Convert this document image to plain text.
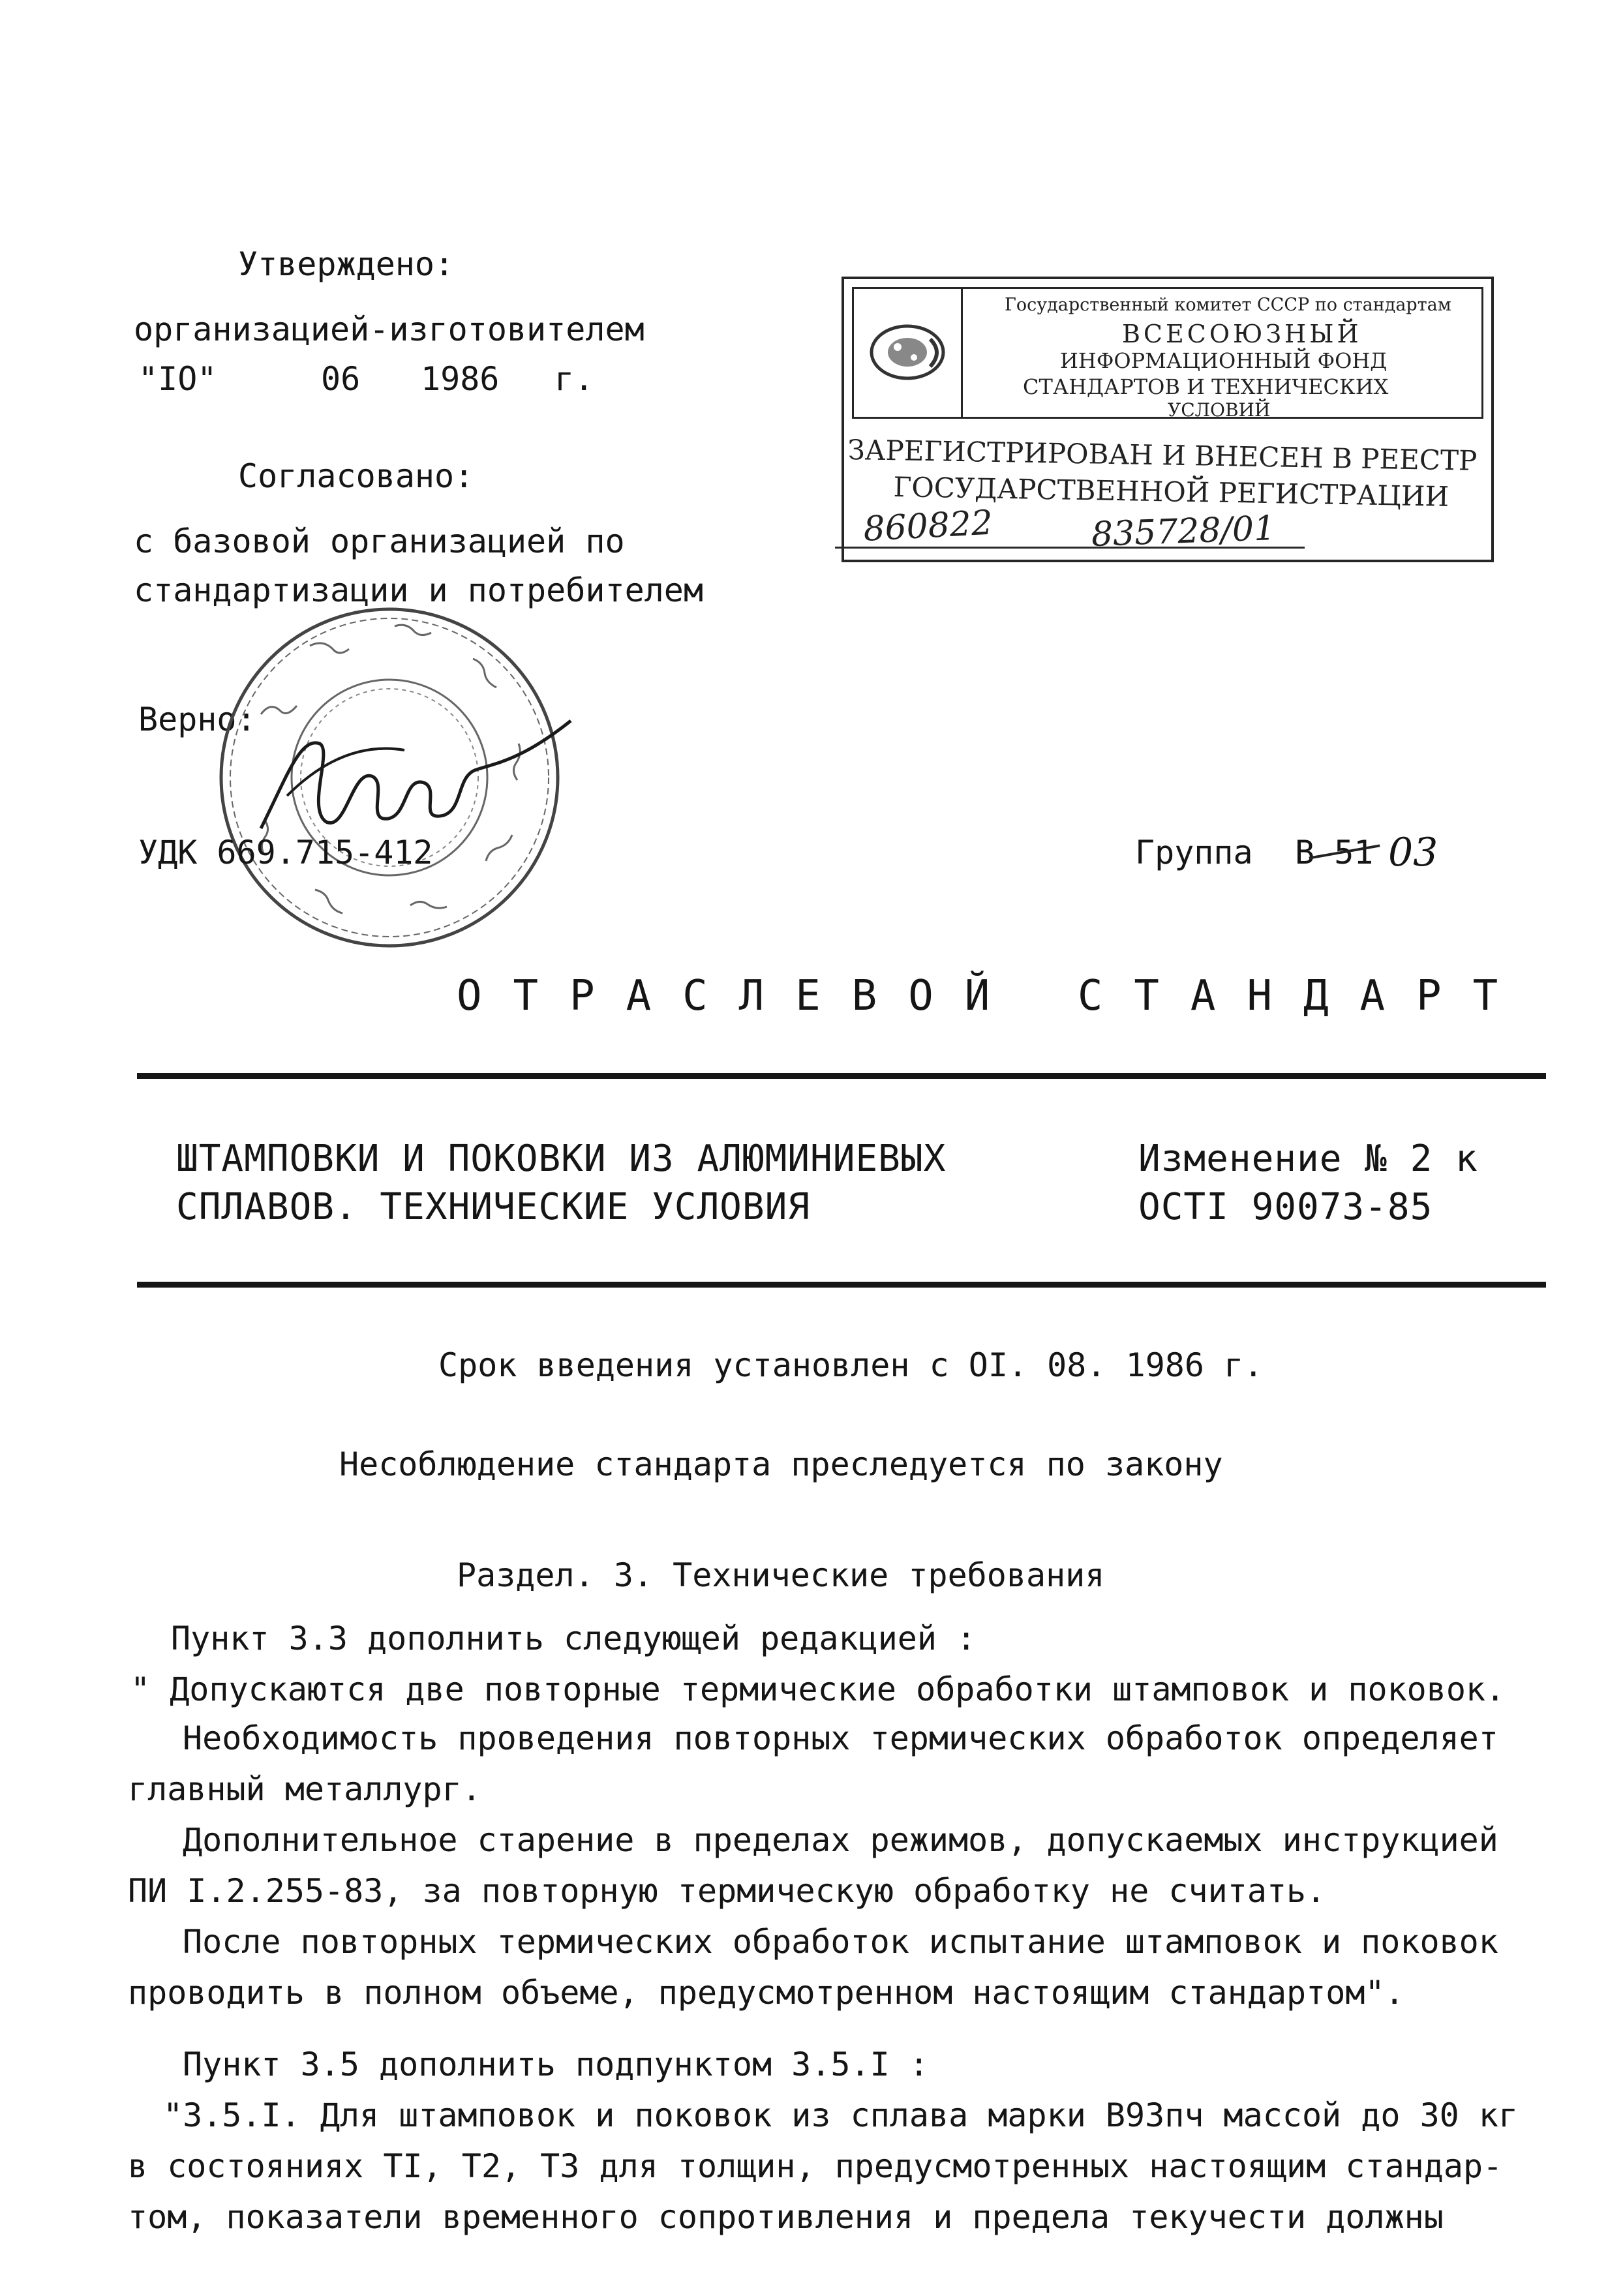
Утверждено:
организацией-изготовителем
"IO"	06 1986 г.
Согласовано:
с базовой организацией по
стандартизации и потребителем
Верно:
Государственный комитет СССР по стандартам
ВСЕСОЮЗНЫЙ
ИНФОРМАЦИОННЫЙ ФОНД
СТАНДАРТОВ И ТЕХНИЧЕСКИХ
УСЛОВИЙ
ЗАРЕГИСТРИРОВАН И ВНЕСЕН В РЕЕСТР
ГОСУДАРСТВЕННОЙ РЕГИСТРАЦИИ
860822	835728/01
УДК 669.715-412	Группа В 51 03
ОТРАСЛЕВОЙ СТАНДАРТ
ШТАМПОВКИ И ПОКОВКИ ИЗ АЛЮМИНИЕВЫХ
СПЛАВОВ. ТЕХНИЧЕСКИЕ УСЛОВИЯ
Изменение № 2 к
ОСТI 90073-85
Срок введения установлен с OI. 08. 1986 г.
Несоблюдение стандарта преследуется по закону
Раздел. 3. Технические требования
Пункт 3.3 дополнить следующей редакцией :
" Допускаются две повторные термические обработки штамповок и поковок.
Необходимость проведения повторных термических обработок определяет
главный металлург.
Дополнительное старение в пределах режимов, допускаемых инструкцией
ПИ I.2.255-83, за повторную термическую обработку не считать.
После повторных термических обработок испытание штамповок и поковок
проводить в полном объеме, предусмотренном настоящим стандартом".
Пункт 3.5 дополнить подпунктом 3.5.I :
"3.5.I. Для штамповок и поковок из сплава марки В93пч массой до 30 кг
в состояниях ТI, Т2, Т3 для толщин, предусмотренных настоящим стандар-
том, показатели временного сопротивления и предела текучести должны
